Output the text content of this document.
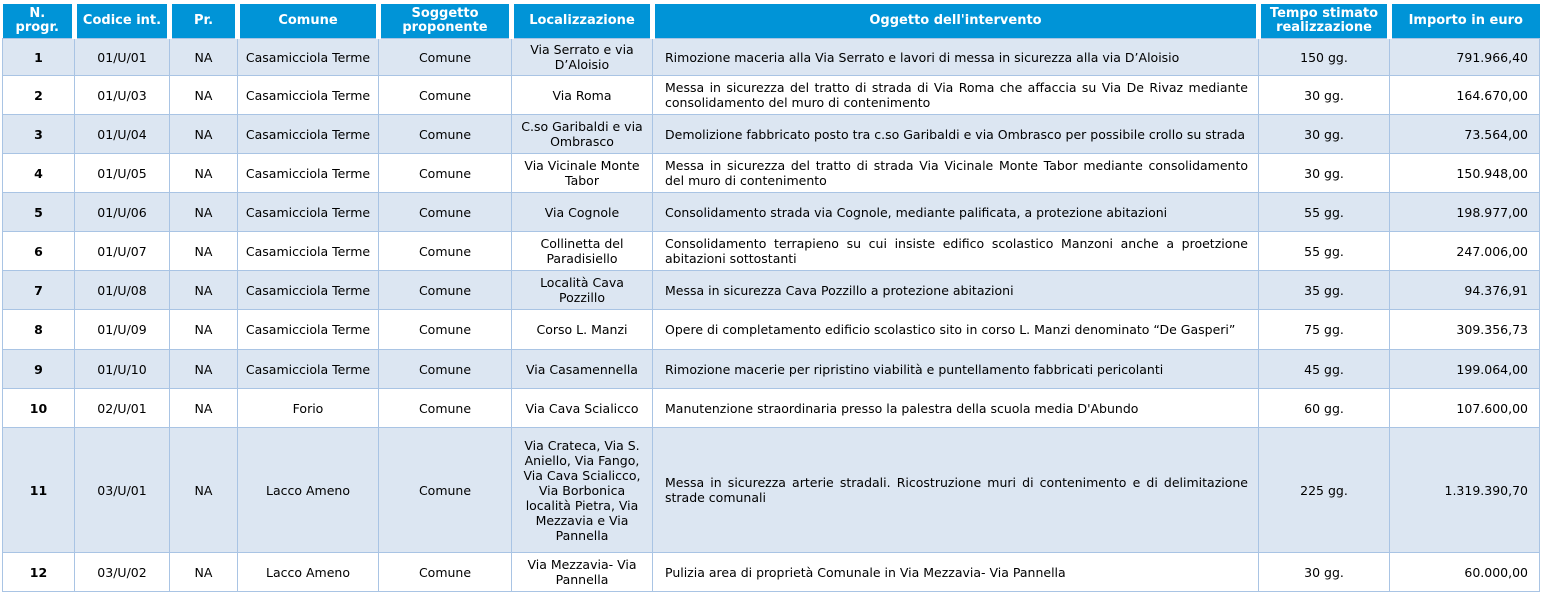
N. progr.	Codice int.	Pr.	Comune	Soggetto proponente	Localizzazione	Oggetto dell'intervento	Tempo stimato realizzazione	Importo in euro
1	01/U/01	NA	Casamicciola Terme	Comune	Via Serrato e via D’Aloisio	Rimozione maceria alla Via Serrato e lavori di messa in sicurezza alla via D’Aloisio	150 gg.	791.966,40
2	01/U/03	NA	Casamicciola Terme	Comune	Via Roma	Messa in sicurezza del tratto di strada di Via Roma che affaccia su Via De Rivaz mediante consolidamento del muro di contenimento	30 gg.	164.670,00
3	01/U/04	NA	Casamicciola Terme	Comune	C.so Garibaldi e via Ombrasco	Demolizione fabbricato posto tra c.so Garibaldi e via Ombrasco per possibile crollo su strada	30 gg.	73.564,00
4	01/U/05	NA	Casamicciola Terme	Comune	Via Vicinale Monte Tabor	Messa in sicurezza del tratto di strada Via Vicinale Monte Tabor mediante consolidamento del muro di contenimento	30 gg.	150.948,00
5	01/U/06	NA	Casamicciola Terme	Comune	Via Cognole	Consolidamento strada via Cognole, mediante palificata, a protezione abitazioni	55 gg.	198.977,00
6	01/U/07	NA	Casamicciola Terme	Comune	Collinetta del Paradisiello	Consolidamento terrapieno su cui insiste edifico scolastico Manzoni anche a proetzione abitazioni sottostanti	55 gg.	247.006,00
7	01/U/08	NA	Casamicciola Terme	Comune	Località Cava Pozzillo	Messa in sicurezza Cava Pozzillo a protezione abitazioni	35 gg.	94.376,91
8	01/U/09	NA	Casamicciola Terme	Comune	Corso L. Manzi	Opere di completamento edificio scolastico sito in corso L. Manzi denominato “De Gasperi”	75 gg.	309.356,73
9	01/U/10	NA	Casamicciola Terme	Comune	Via Casamennella	Rimozione macerie per ripristino viabilità e puntellamento fabbricati pericolanti	45 gg.	199.064,00
10	02/U/01	NA	Forio	Comune	Via Cava Scialicco	Manutenzione straordinaria presso la palestra della scuola media D'Abundo	60 gg.	107.600,00
11	03/U/01	NA	Lacco Ameno	Comune	Via Crateca, Via S. Aniello, Via Fango, Via Cava Scialicco, Via Borbonica località Pietra, Via Mezzavia e Via Pannella	Messa in sicurezza arterie stradali. Ricostruzione muri di contenimento e di delimitazione strade comunali	225 gg.	1.319.390,70
12	03/U/02	NA	Lacco Ameno	Comune	Via Mezzavia- Via Pannella	Pulizia area di proprietà Comunale in Via Mezzavia- Via Pannella	30 gg.	60.000,00
